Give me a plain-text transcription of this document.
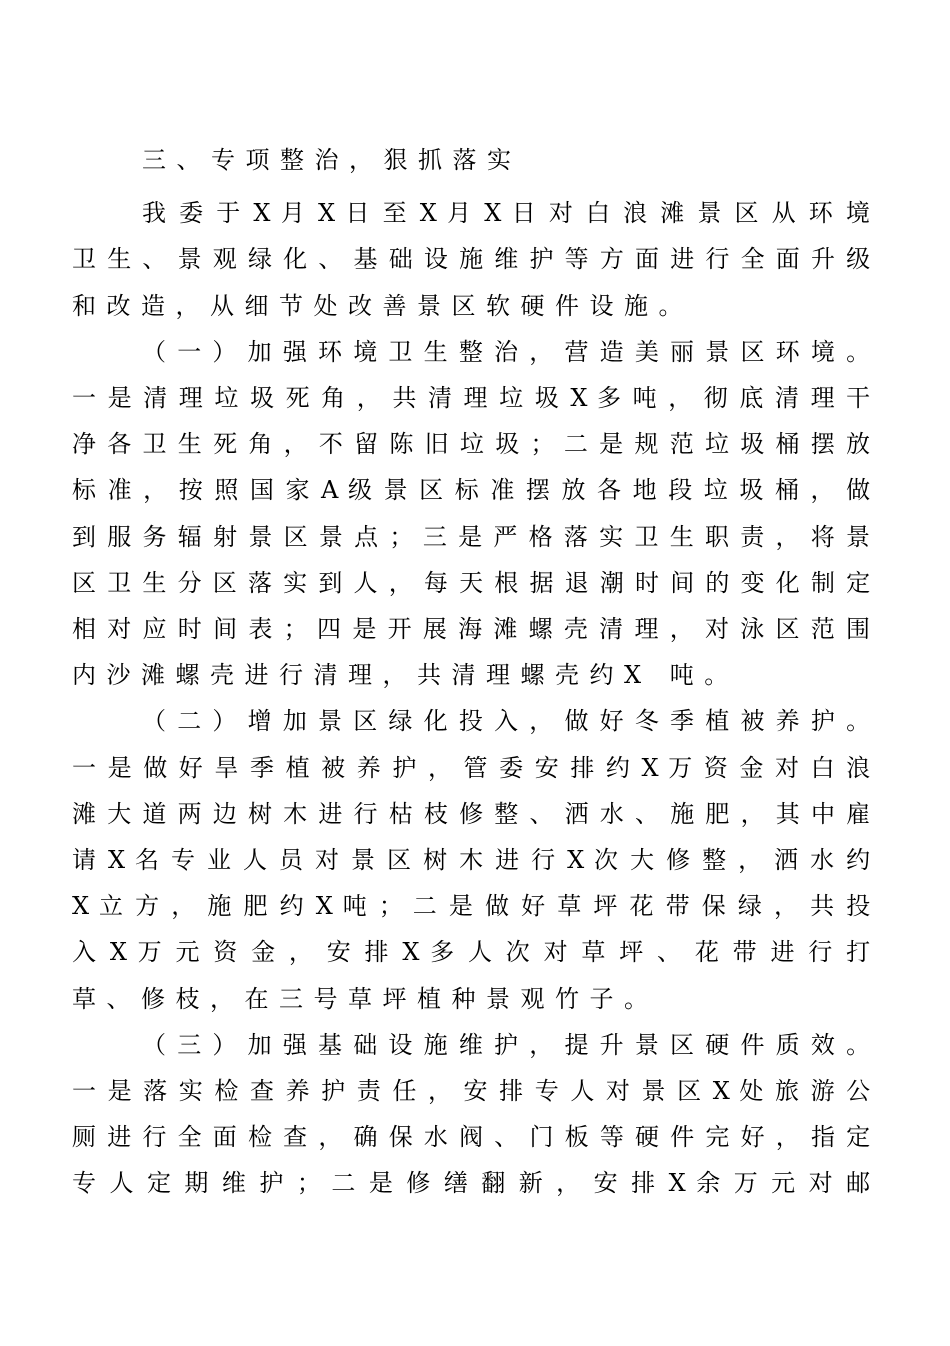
三、专项整治，狠抓落实
我 委 于 X 月 X 日 至 X 月 X 日 对 白 浪 滩 景 区 从 环 境
卫 生 、 景 观 绿 化 、 基 础 设 施 维 护 等 方 面 进 行 全 面 升 级
和改造，从细节处改善景区软硬件设施。
（ 一 ） 加 强 环 境 卫 生 整 治 ， 营 造 美 丽 景 区 环 境 。
一 是 清 理 垃 圾 死 角 ， 共 清 理 垃 圾 X 多 吨 ， 彻 底 清 理 干
净 各 卫 生 死 角 ， 不 留 陈 旧 垃 圾 ； 二 是 规 范 垃 圾 桶 摆 放
标 准 ， 按 照 国 家 A 级 景 区 标 准 摆 放 各 地 段 垃 圾 桶 ， 做
到 服 务 辐 射 景 区 景 点 ； 三 是 严 格 落 实 卫 生 职 责 ， 将 景
区 卫 生 分 区 落 实 到 人 ， 每 天 根 据 退 潮 时 间 的 变 化 制 定
相 对 应 时 间 表 ； 四 是 开 展 海 滩 螺 壳 清 理 ， 对 泳 区 范 围
内沙滩螺壳进行清理，共清理螺壳约X 吨。
（ 二 ） 增 加 景 区 绿 化 投 入 ， 做 好 冬 季 植 被 养 护 。
一 是 做 好 旱 季 植 被 养 护 ， 管 委 安 排 约 X 万 资 金 对 白 浪
滩 大 道 两 边 树 木 进 行 枯 枝 修 整 、 洒 水 、 施 肥 ， 其 中 雇
请 X 名 专 业 人 员 对 景 区 树 木 进 行 X 次 大 修 整 ， 洒 水 约
X 立 方 ， 施 肥 约 X 吨 ； 二 是 做 好 草 坪 花 带 保 绿 ， 共 投
入 X 万 元 资 金 ， 安 排 X 多 人 次 对 草 坪 、 花 带 进 行 打
草、修枝，在三号草坪植种景观竹子。
（ 三 ） 加 强 基 础 设 施 维 护 ， 提 升 景 区 硬 件 质 效 。
一 是 落 实 检 查 养 护 责 任 ， 安 排 专 人 对 景 区 X 处 旅 游 公
厕 进 行 全 面 检 查 ， 确 保 水 阀 、 门 板 等 硬 件 完 好 ， 指 定
专 人 定 期 维 护 ； 二 是 修 缮 翻 新 ， 安 排 X 余 万 元 对 邮
